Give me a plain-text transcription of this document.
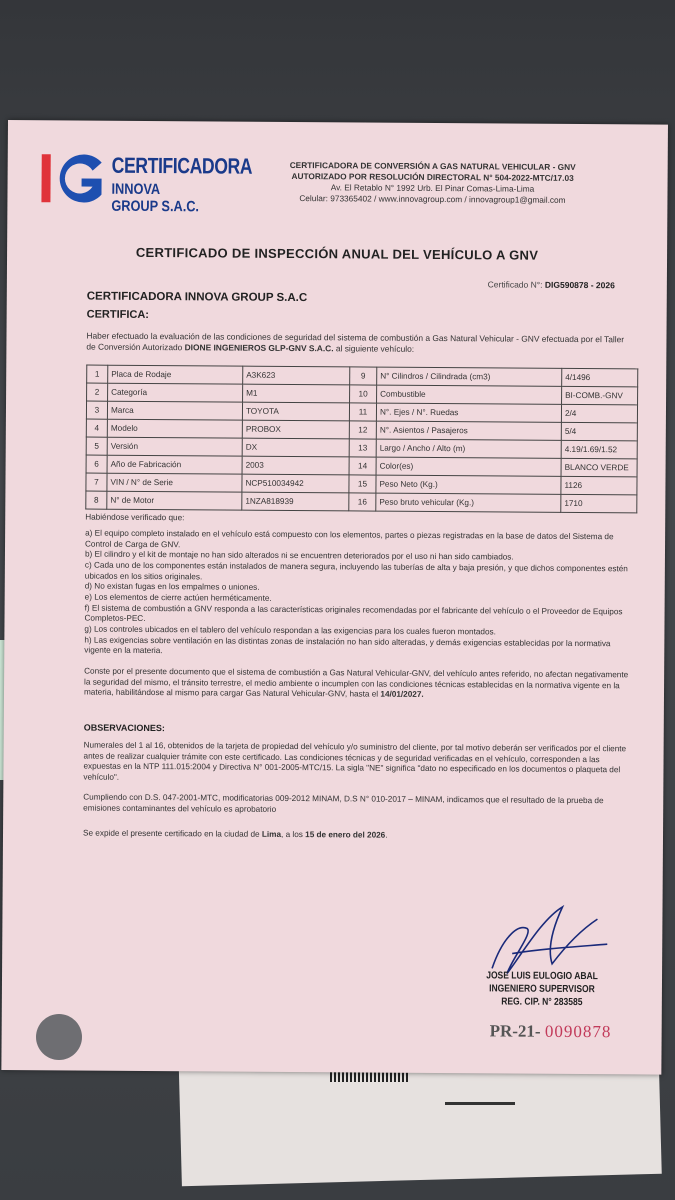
CERTIFICADORA
INNOVA GROUP S.A.C.
CERTIFICADORA DE CONVERSIÓN A GAS NATURAL VEHICULAR - GNV
AUTORIZADO POR RESOLUCIÓN DIRECTORAL N° 504-2022-MTC/17.03
Av. El Retablo N° 1992 Urb. El Pinar Comas-Lima-Lima
Celular: 973365402 / www.innovagroup.com / innovagroup1@gmail.com
CERTIFICADO DE INSPECCIÓN ANUAL DEL VEHÍCULO A GNV
Certificado N°: DIG590878 - 2026
CERTIFICADORA INNOVA GROUP S.A.C
CERTIFICA:
Haber efectuado la evaluación de las condiciones de seguridad del sistema de combustión a Gas Natural Vehicular - GNV efectuada por el Taller de Conversión Autorizado DIONE INGENIEROS GLP-GNV S.A.C. al siguiente vehículo:
1	Placa de Rodaje	A3K623	9	N° Cilindros / Cilindrada (cm3)	4/1496
2	Categoría	M1	10	Combustible	BI-COMB.-GNV
3	Marca	TOYOTA	11	N°. Ejes / N°. Ruedas	2/4
4	Modelo	PROBOX	12	N°. Asientos / Pasajeros	5/4
5	Versión	DX	13	Largo / Ancho / Alto (m)	4.19/1.69/1.52
6	Año de Fabricación	2003	14	Color(es)	BLANCO VERDE
7	VIN / N° de Serie	NCP510034942	15	Peso Neto (Kg.)	1126
8	N° de Motor	1NZA818939	16	Peso bruto vehicular (Kg.)	1710
Habiéndose verificado que:
a) El equipo completo instalado en el vehículo está compuesto con los elementos, partes o piezas registradas en la base de datos del Sistema de Control de Carga de GNV.
b) El cilindro y el kit de montaje no han sido alterados ni se encuentren deteriorados por el uso ni han sido cambiados.
c) Cada uno de los componentes están instalados de manera segura, incluyendo las tuberías de alta y baja presión, y que dichos componentes estén ubicados en los sitios originales.
d) No existan fugas en los empalmes o uniones.
e) Los elementos de cierre actúen herméticamente.
f) El sistema de combustión a GNV responda a las características originales recomendadas por el fabricante del vehículo o el Proveedor de Equipos Completos-PEC.
g) Los controles ubicados en el tablero del vehículo respondan a las exigencias para los cuales fueron montados.
h) Las exigencias sobre ventilación en las distintas zonas de instalación no han sido alteradas, y demás exigencias establecidas por la normativa vigente en la materia.
Conste por el presente documento que el sistema de combustión a Gas Natural Vehicular-GNV, del vehículo antes referido, no afectan negativamente la seguridad del mismo, el tránsito terrestre, el medio ambiente o incumplen con las condiciones técnicas establecidas en la normativa vigente en la materia, habilitándose al mismo para cargar Gas Natural Vehicular-GNV, hasta el 14/01/2027.
OBSERVACIONES:
Numerales del 1 al 16, obtenidos de la tarjeta de propiedad del vehículo y/o suministro del cliente, por tal motivo deberán ser verificados por el cliente antes de realizar cualquier trámite con este certificado. Las condiciones técnicas y de seguridad verificadas en el vehículo, corresponden a las expuestas en la NTP 111.015:2004 y Directiva N° 001-2005-MTC/15. La sigla "NE" significa "dato no especificado en los documentos o plaqueta del vehículo".
Cumpliendo con D.S. 047-2001-MTC, modificatorias 009-2012 MINAM, D.S N° 010-2017 – MINAM, indicamos que el resultado de la prueba de emisiones contaminantes del vehículo es aprobatorio
Se expide el presente certificado en la ciudad de Lima, a los 15 de enero del 2026.
JOSE LUIS EULOGIO ABAL
INGENIERO SUPERVISOR
REG. CIP. N° 283585
PR-21- 0090878
